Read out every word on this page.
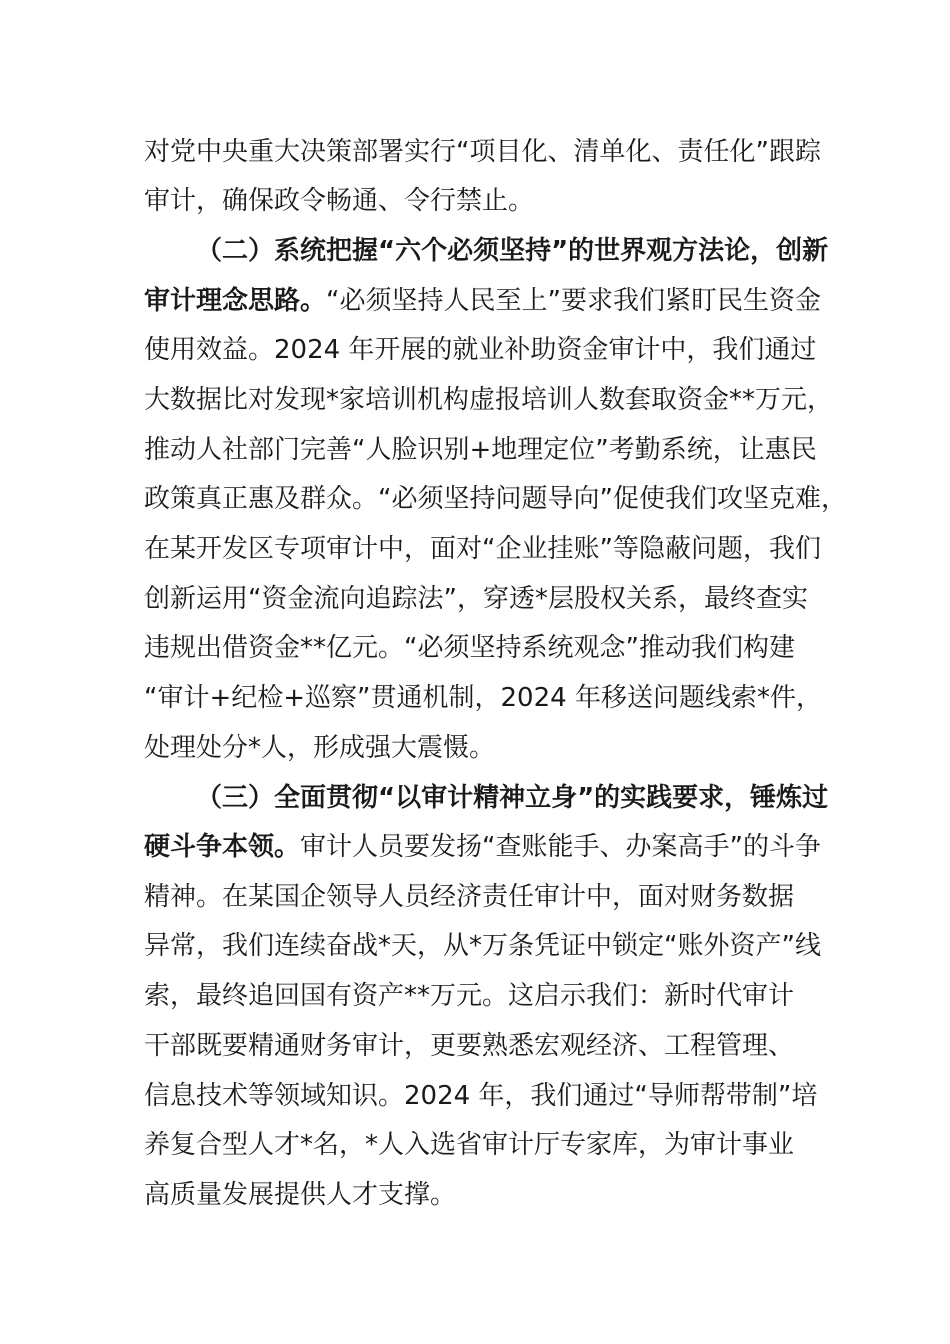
对党中央重大决策部署实行“项目化、清单化、责任化”跟踪
审计，确保政令畅通、令行禁止。
（二）系统把握“六个必须坚持”的世界观方法论，创新
审计理念思路。“必须坚持人民至上”要求我们紧盯民生资金
使用效益。2024 年开展的就业补助资金审计中，我们通过
大数据比对发现*家培训机构虚报培训人数套取资金**万元，
推动人社部门完善“人脸识别+地理定位”考勤系统，让惠民
政策真正惠及群众。“必须坚持问题导向”促使我们攻坚克难，
在某开发区专项审计中，面对“企业挂账”等隐蔽问题，我们
创新运用“资金流向追踪法”，穿透*层股权关系，最终查实
违规出借资金**亿元。“必须坚持系统观念”推动我们构建
“审计+纪检+巡察”贯通机制，2024 年移送问题线索*件，
处理处分*人，形成强大震慑。
（三）全面贯彻“以审计精神立身”的实践要求，锤炼过
硬斗争本领。审计人员要发扬“查账能手、办案高手”的斗争
精神。在某国企领导人员经济责任审计中，面对财务数据
异常，我们连续奋战*天，从*万条凭证中锁定“账外资产”线
索，最终追回国有资产**万元。这启示我们：新时代审计
干部既要精通财务审计，更要熟悉宏观经济、工程管理、
信息技术等领域知识。2024 年，我们通过“导师帮带制”培
养复合型人才*名，*人入选省审计厅专家库，为审计事业
高质量发展提供人才支撑。
